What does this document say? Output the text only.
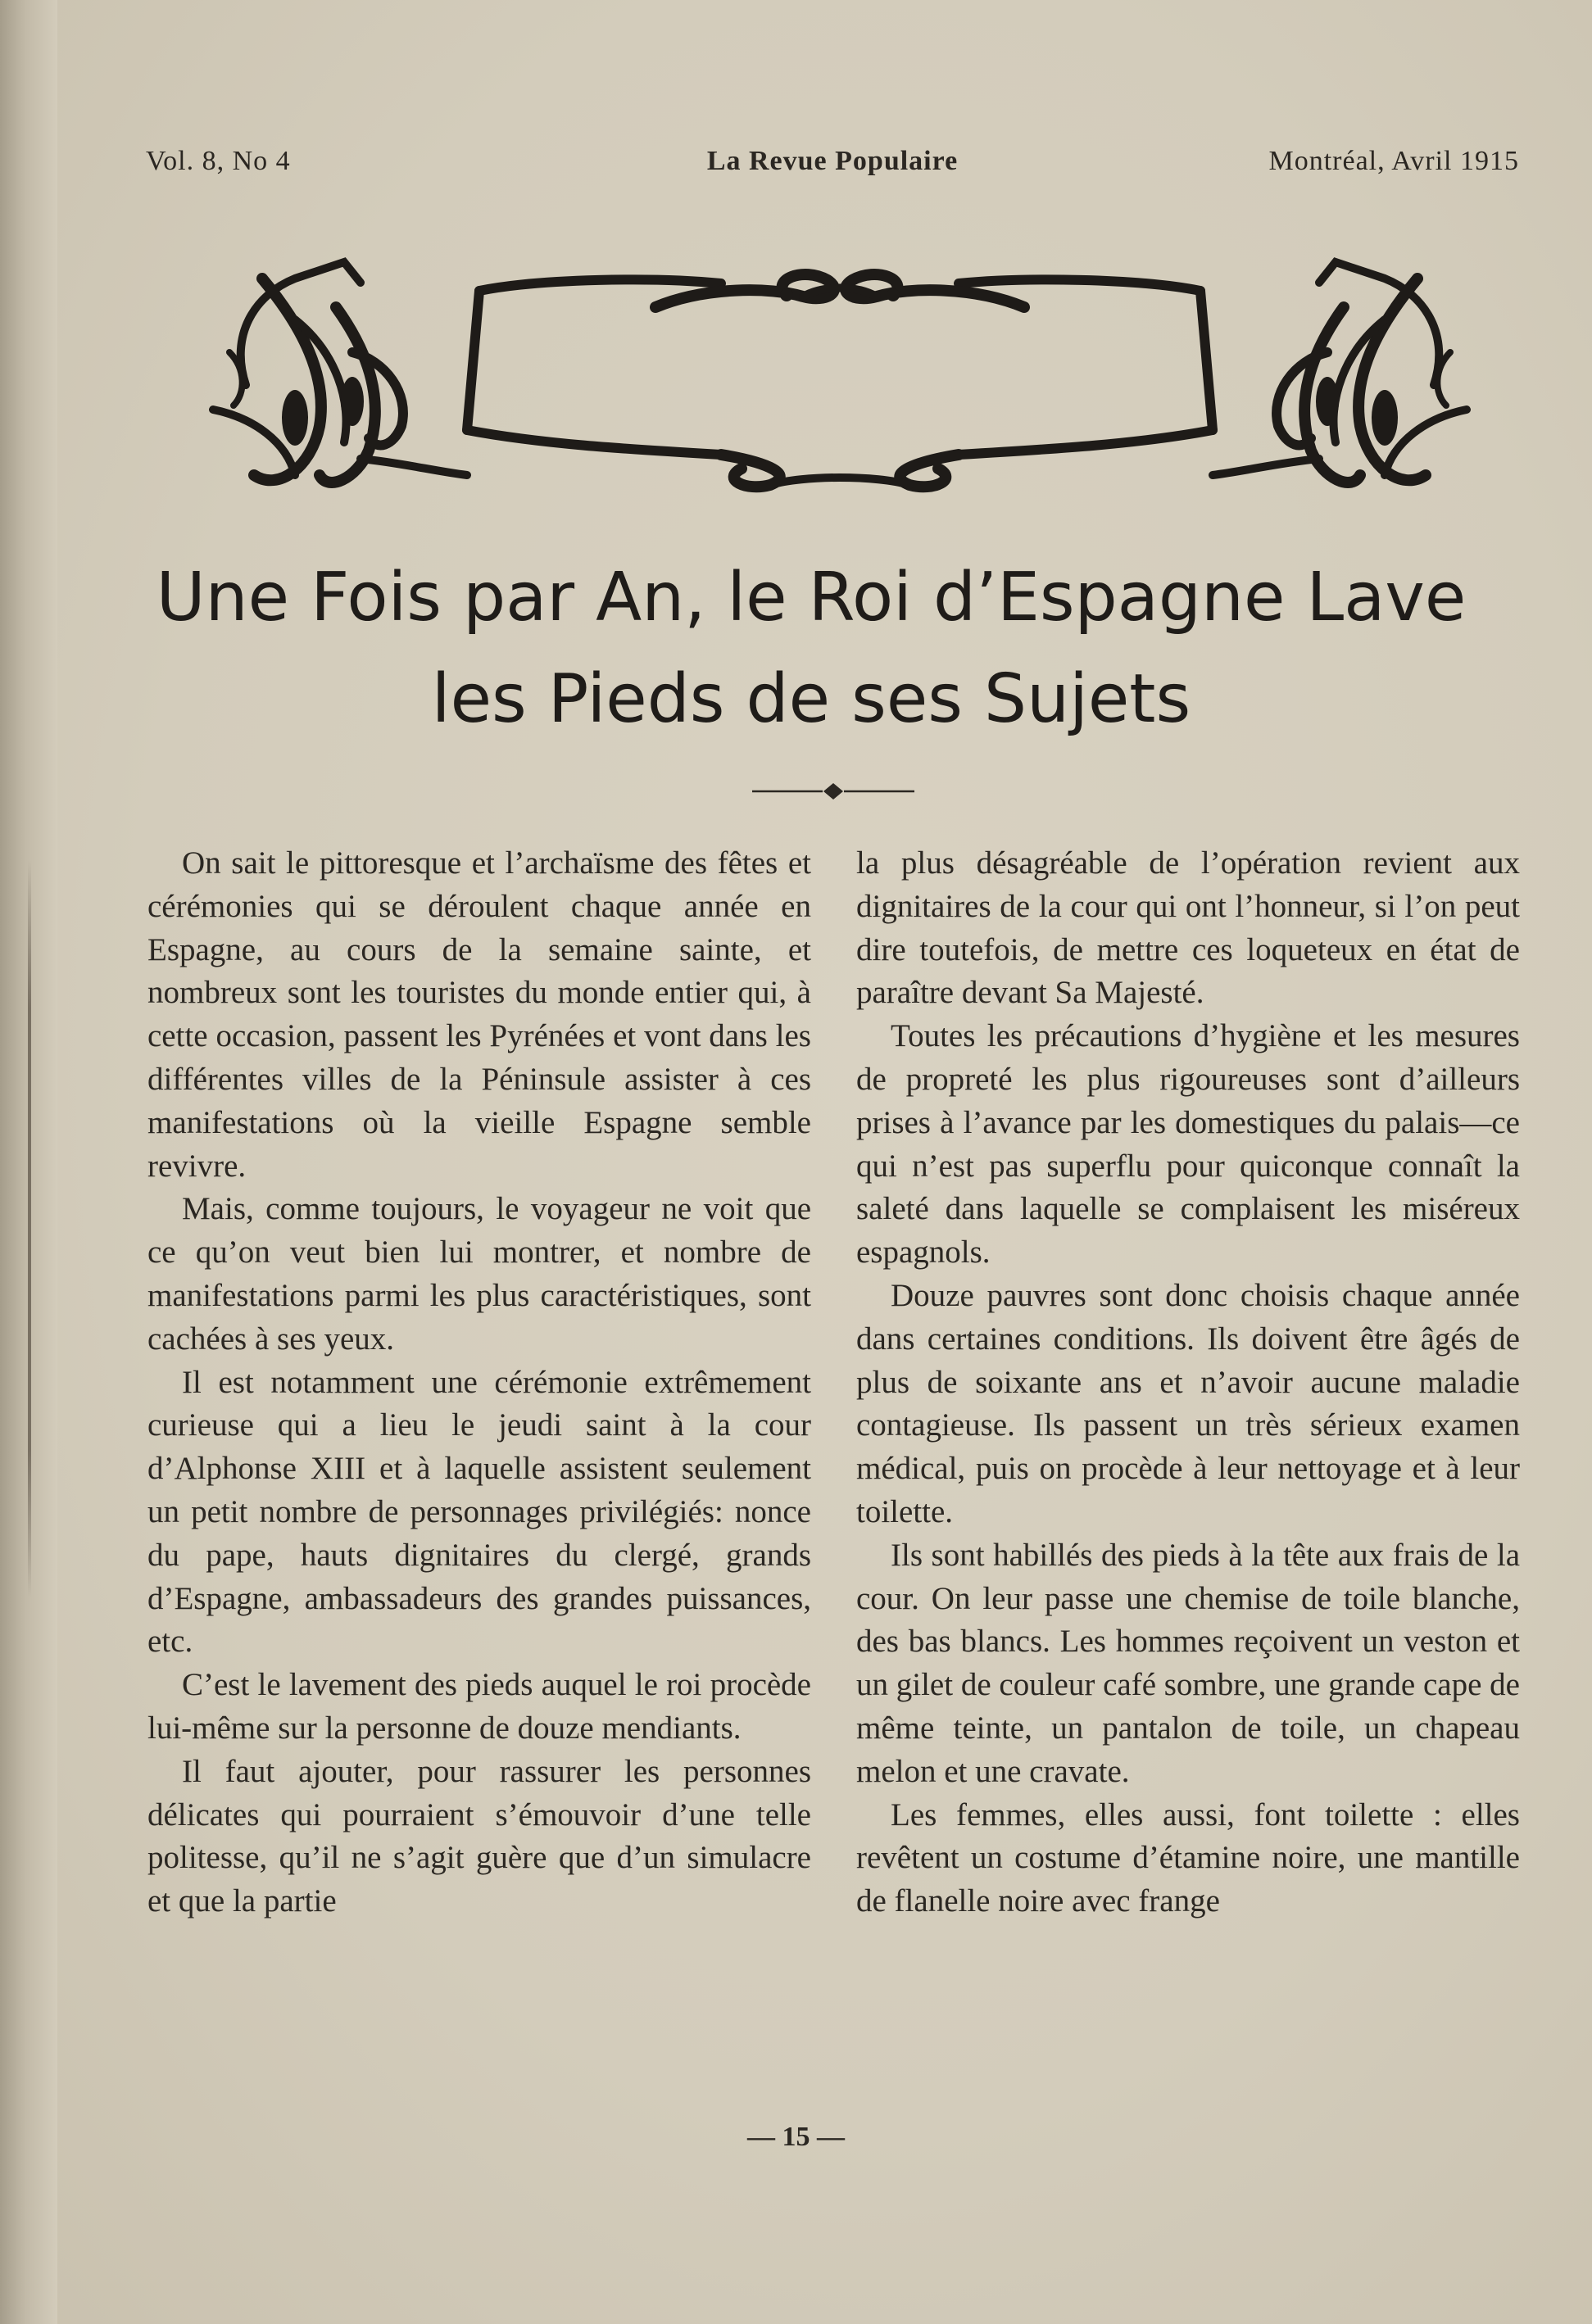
La Revue Populaire
Vol. 8, No 4	Montréal, Avril 1915
Une Fois par An, le Roi d’Espagne Lave
les Pieds de ses Sujets

On sait le pittoresque et l’archaïsme des fêtes et cérémonies qui se déroulent chaque année en Espagne, au cours de la semaine sainte, et nombreux sont les touristes du monde entier qui, à cette occasion, passent les Pyrénées et vont dans les différentes villes de la Péninsule assister à ces manifestations où la vieille Espagne semble revivre.

Mais, comme toujours, le voyageur ne voit que ce qu’on veut bien lui montrer, et nombre de manifestations parmi les plus caractéristiques, sont cachées à ses yeux.

Il est notamment une cérémonie extrêmement curieuse qui a lieu le jeudi saint à la cour d’Alphonse XIII et à laquelle assistent seulement un petit nombre de personnages privilégiés: nonce du pape, hauts dignitaires du clergé, grands d’Espagne, ambassadeurs des grandes puissances, etc.

C’est le lavement des pieds auquel le roi procède lui-même sur la personne de douze mendiants.

Il faut ajouter, pour rassurer les personnes délicates qui pourraient s’émouvoir d’une telle politesse, qu’il ne s’agit guère que d’un simulacre et que la partie

la plus désagréable de l’opération revient aux dignitaires de la cour qui ont l’honneur, si l’on peut dire toutefois, de mettre ces loqueteux en état de paraître devant Sa Majesté.

Toutes les précautions d’hygiène et les mesures de propreté les plus rigoureuses sont d’ailleurs prises à l’avance par les domestiques du palais—ce qui n’est pas superflu pour quiconque connaît la saleté dans laquelle se complaisent les miséreux espagnols.

Douze pauvres sont donc choisis chaque année dans certaines conditions. Ils doivent être âgés de plus de soixante ans et n’avoir aucune maladie contagieuse. Ils passent un très sérieux examen médical, puis on procède à leur nettoyage et à leur toilette.

Ils sont habillés des pieds à la tête aux frais de la cour. On leur passe une chemise de toile blanche, des bas blancs. Les hommes reçoivent un veston et un gilet de couleur café sombre, une grande cape de même teinte, un pantalon de toile, un chapeau melon et une cravate.

Les femmes, elles aussi, font toilette : elles revêtent un costume d’étamine noire, une mantille de flanelle noire avec frange

— 15 —
